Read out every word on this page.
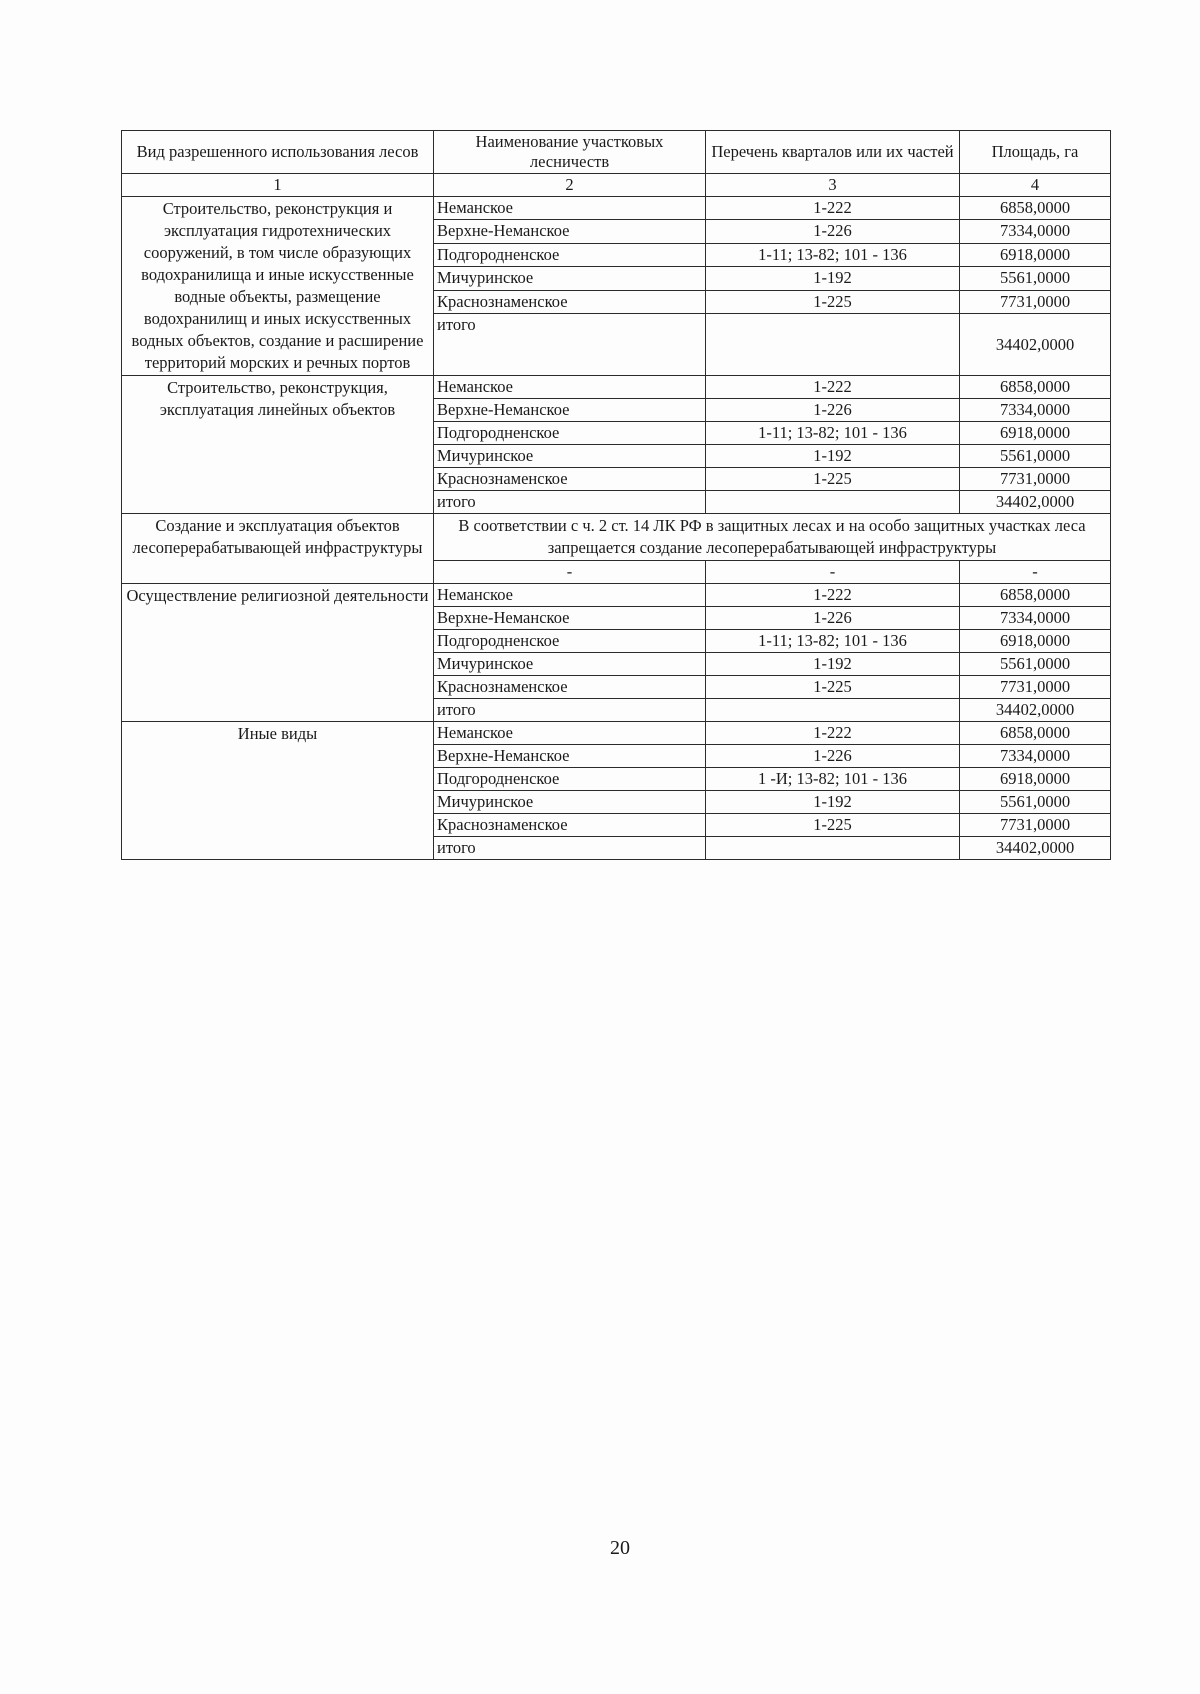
Вид разрешенного использования лесов	Наименование участковых лесничеств	Перечень кварталов или их частей	Площадь, га
1	2	3	4
Строительство, реконструкция и эксплуатация гидротехнических сооружений, в том числе образующих водохранилища и иные искусственные водные объекты, размещение водохранилищ и иных искусственных водных объектов, создание и расширение территорий морских и речных портов	Неманское	1-222	6858,0000
	Верхне-Неманское	1-226	7334,0000
	Подгородненское	1-11; 13-82; 101 - 136	6918,0000
	Мичуринское	1-192	5561,0000
	Краснознаменское	1-225	7731,0000
	итого		34402,0000
Строительство, реконструкция, эксплуатация линейных объектов	Неманское	1-222	6858,0000
	Верхне-Неманское	1-226	7334,0000
	Подгородненское	1-11; 13-82; 101 - 136	6918,0000
	Мичуринское	1-192	5561,0000
	Краснознаменское	1-225	7731,0000
	итого		34402,0000
Создание и эксплуатация объектов лесоперерабатывающей инфраструктуры	В соответствии с ч. 2 ст. 14 ЛК РФ в защитных лесах и на особо защитных участках леса запрещается создание лесоперерабатывающей инфраструктуры		
	-	-	-
Осуществление религиозной деятельности	Неманское	1-222	6858,0000
	Верхне-Неманское	1-226	7334,0000
	Подгородненское	1-11; 13-82; 101 - 136	6918,0000
	Мичуринское	1-192	5561,0000
	Краснознаменское	1-225	7731,0000
	итого		34402,0000
Иные виды	Неманское	1-222	6858,0000
	Верхне-Неманское	1-226	7334,0000
	Подгородненское	1 -И; 13-82; 101 - 136	6918,0000
	Мичуринское	1-192	5561,0000
	Краснознаменское	1-225	7731,0000
	итого		34402,0000
20
